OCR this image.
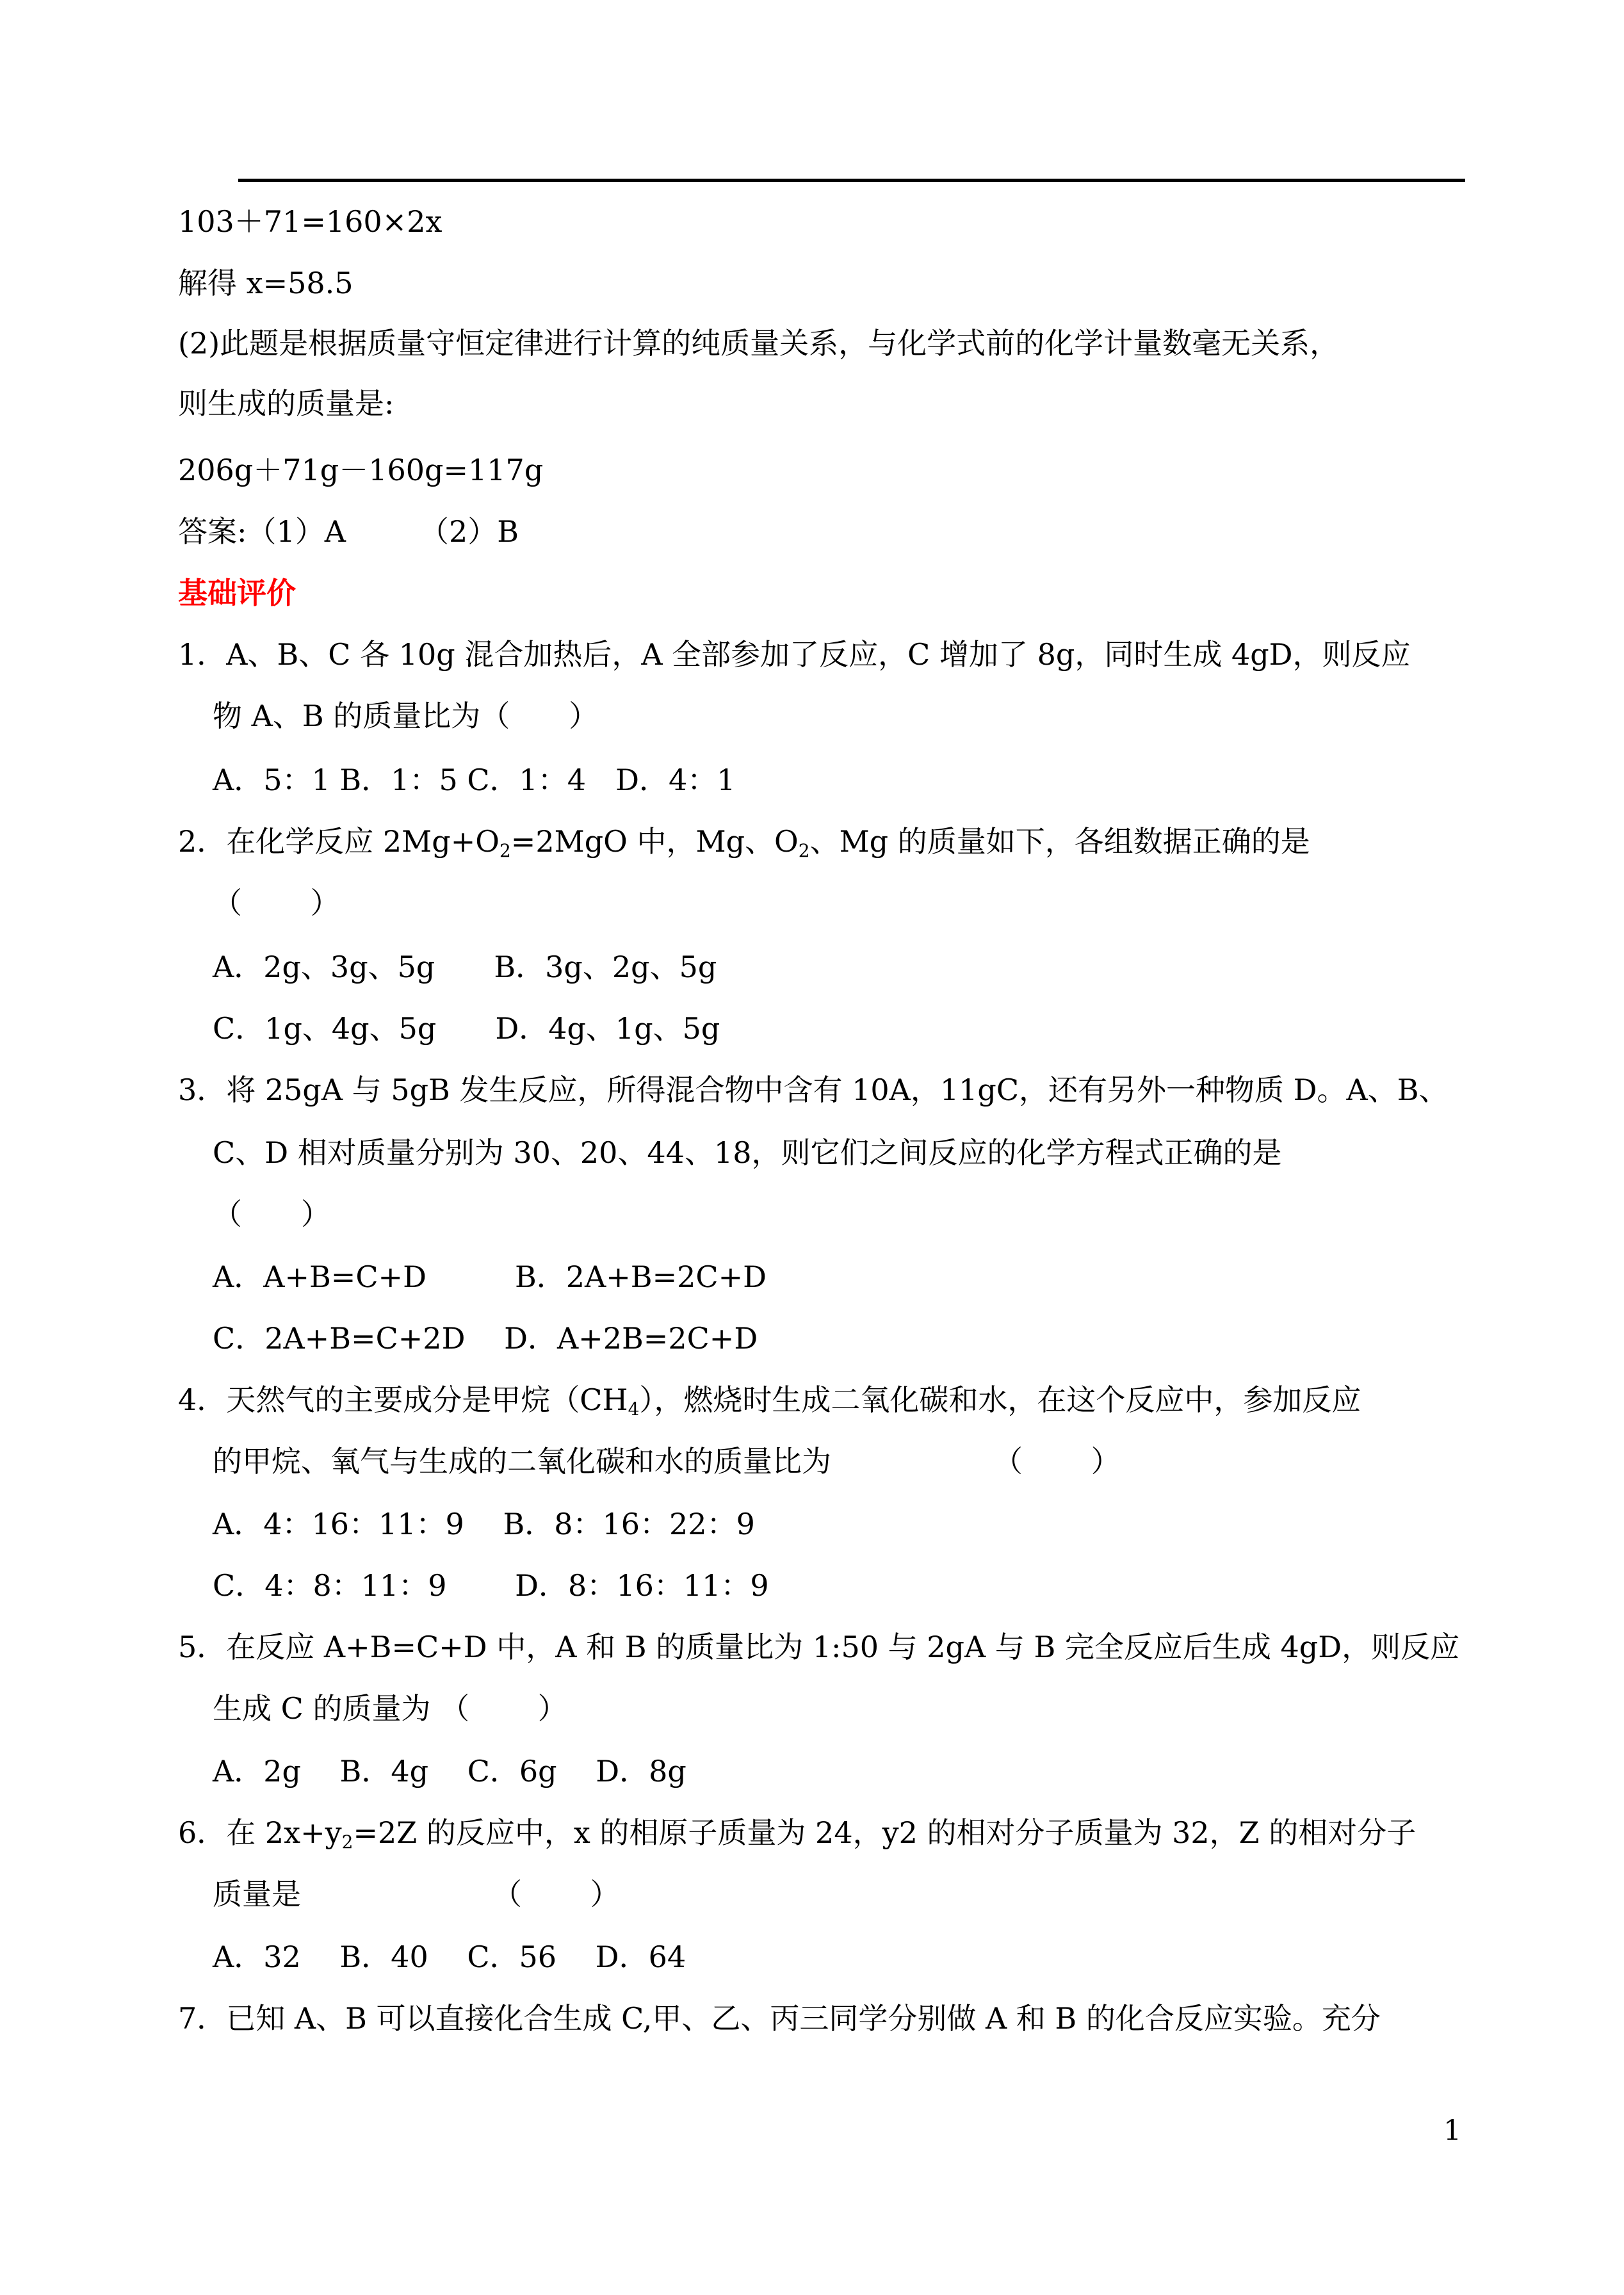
103＋71=160×2x
解得 x=58.5
(2)此题是根据质量守恒定律进行计算的纯质量关系，与化学式前的化学计量数毫无关系，
则生成的质量是:
206g＋71g－160g=117g
答案:（1）A　　　（2）B
基础评价
1．A、B、C 各 10g 混合加热后，A 全部参加了反应，C 增加了 8g，同时生成 4gD，则反应
物 A、B 的质量比为（　　）
A．5：1 B．1：5 C．1：4　D．4：1
2．在化学反应 $2Mg+O_2=2MgO$ 中，Mg、$O_2$、Mg 的质量如下，各组数据正确的是
（　　 ）
A．2g、3g、5g　　B．3g、2g、5g
C．1g、4g、5g　　D．4g、1g、5g
3．将 25gA 与 5gB 发生反应，所得混合物中含有 10A，11gC，还有另外一种物质 D。A、B、
C、D 相对质量分别为 30、20、44、18，则它们之间反应的化学方程式正确的是
（　　）
A．A+B=C+D　　　B．2A+B=2C+D
C．2A+B=C+2D　 D．A+2B=2C+D
4．天然气的主要成分是甲烷$(CH_4)$，燃烧时生成二氧化碳和水，在这个反应中，参加反应
的甲烷、氧气与生成的二氧化碳和水的质量比为　　　　　　（　　 ）
A．4：16：11：9　 B．8：16：22：9
C．4：8：11：9　　 D．8：16：11：9
5．在反应 A+B=C+D 中，A 和 B 的质量比为 1:50 与 2gA 与 B 完全反应后生成 4gD，则反应
生成 C 的质量为 （　　 ）
A．2g　 B．4g　 C．6g　 D．8g
6．在 $2x+y_2=2Z$ 的反应中，x 的相原子质量为 24，y2 的相对分子质量为 32，Z 的相对分子
质量是　　　　　　　（　　 ）
A．32　 B．40　 C．56　 D．64
7．已知 A、B 可以直接化合生成 C,甲、乙、丙三同学分别做 A 和 B 的化合反应实验。充分
1
